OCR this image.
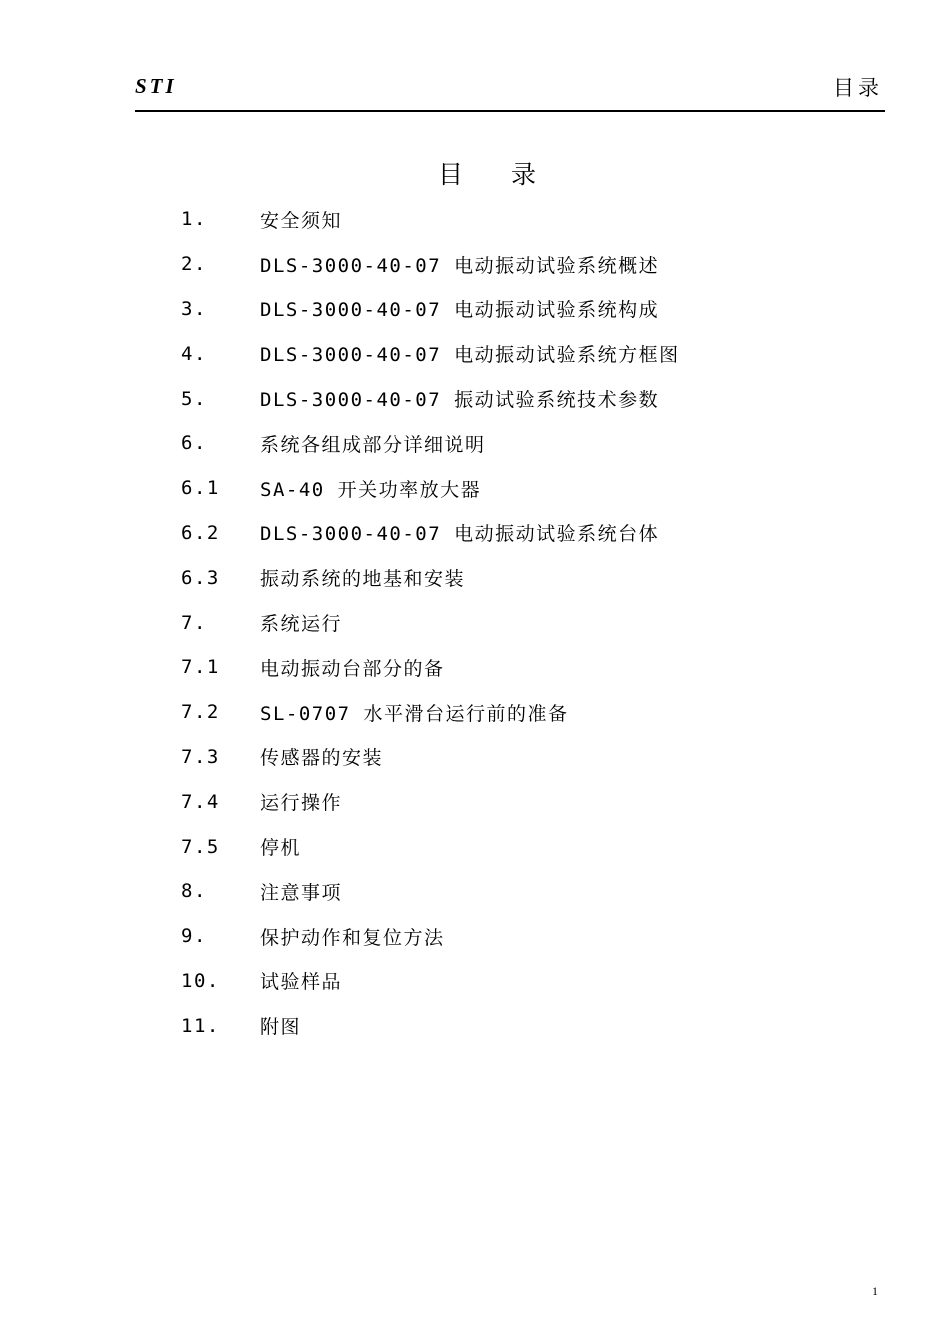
STI	目录
目录
1.	安全须知
2.	DLS-3000-40-07 电动振动试验系统概述
3.	DLS-3000-40-07 电动振动试验系统构成
4.	DLS-3000-40-07 电动振动试验系统方框图
5.	DLS-3000-40-07 振动试验系统技术参数
6.	系统各组成部分详细说明
6.1	SA-40 开关功率放大器
6.2	DLS-3000-40-07 电动振动试验系统台体
6.3	振动系统的地基和安装
7.	系统运行
7.1	电动振动台部分的备
7.2	SL-0707 水平滑台运行前的准备
7.3	传感器的安装
7.4	运行操作
7.5	停机
8.	注意事项
9.	保护动作和复位方法
10.	试验样品
11.	附图
1
